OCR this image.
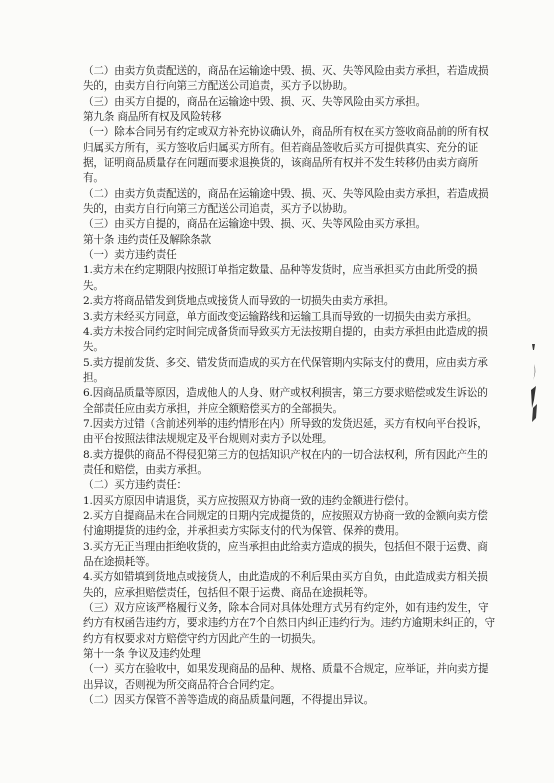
（二）由卖方负责配送的，商品在运输途中毁、损、灭、失等风险由卖方承担，若造成损失的，由卖方自行向第三方配送公司追责，买方予以协助。

（三）由买方自提的，商品在运输途中毁、损、灭、失等风险由买方承担。

第九条 商品所有权及风险转移

（一）除本合同另有约定或双方补充协议确认外，商品所有权在买方签收商品前的所有权归属买方所有，买方签收后归属买方所有。但若商品签收后买方可提供真实、充分的证据，证明商品质量存在问题而要求退换货的，该商品所有权并不发生转移仍由卖方商所有。

（二）由卖方负责配送的，商品在运输途中毁、损、灭、失等风险由卖方承担，若造成损失的，由卖方自行向第三方配送公司追责，买方予以协助。

（三）由买方自提的，商品在运输途中毁、损、灭、失等风险由买方承担。

第十条 违约责任及解除条款

（一）卖方违约责任

1.卖方未在约定期限内按照订单指定数量、品种等发货时，应当承担买方由此所受的损失。

2.卖方将商品错发到货地点或接货人而导致的一切损失由卖方承担。

3.卖方未经买方同意，单方面改变运输路线和运输工具而导致的一切损失由卖方承担。

4.卖方未按合同约定时间完成备货而导致买方无法按期自提的，由卖方承担由此造成的损失。

5.卖方提前发货、多交、错发货而造成的买方在代保管期内实际支付的费用，应由卖方承担。

6.因商品质量等原因，造成他人的人身、财产或权利损害，第三方要求赔偿或发生诉讼的全部责任应由卖方承担，并应全额赔偿买方的全部损失。

7.因卖方过错（含前述列举的违约情形在内）所导致的发货迟延，买方有权向平台投诉，由平台按照法律法规规定及平台规则对卖方予以处理。

8.卖方提供的商品不得侵犯第三方的包括知识产权在内的一切合法权利，所有因此产生的责任和赔偿，由卖方承担。

（二）买方违约责任：

1.因买方原因申请退货，买方应按照双方协商一致的违约金额进行偿付。

2.买方自提商品未在合同规定的日期内完成提货的，应按照双方协商一致的金额向卖方偿付逾期提货的违约金，并承担卖方实际支付的代为保管、保养的费用。

3.买方无正当理由拒绝收货的，应当承担由此给卖方造成的损失，包括但不限于运费、商品在途损耗等。

4.买方如错填到货地点或接货人，由此造成的不利后果由买方自负，由此造成卖方相关损失的，应承担赔偿责任，包括但不限于运费、商品在途损耗等。

（三）双方应该严格履行义务，除本合同对具体处理方式另有约定外，如有违约发生，守约方有权函告违约方，要求违约方在7个自然日内纠正违约行为。违约方逾期未纠正的，守约方有权要求对方赔偿守约方因此产生的一切损失。

第十一条 争议及违约处理

（一）买方在验收中，如果发现商品的品种、规格、质量不合规定，应举证，并向卖方提出异议，否则视为所交商品符合合同约定。

（二）因买方保管不善等造成的商品质量问题，不得提出异议。
